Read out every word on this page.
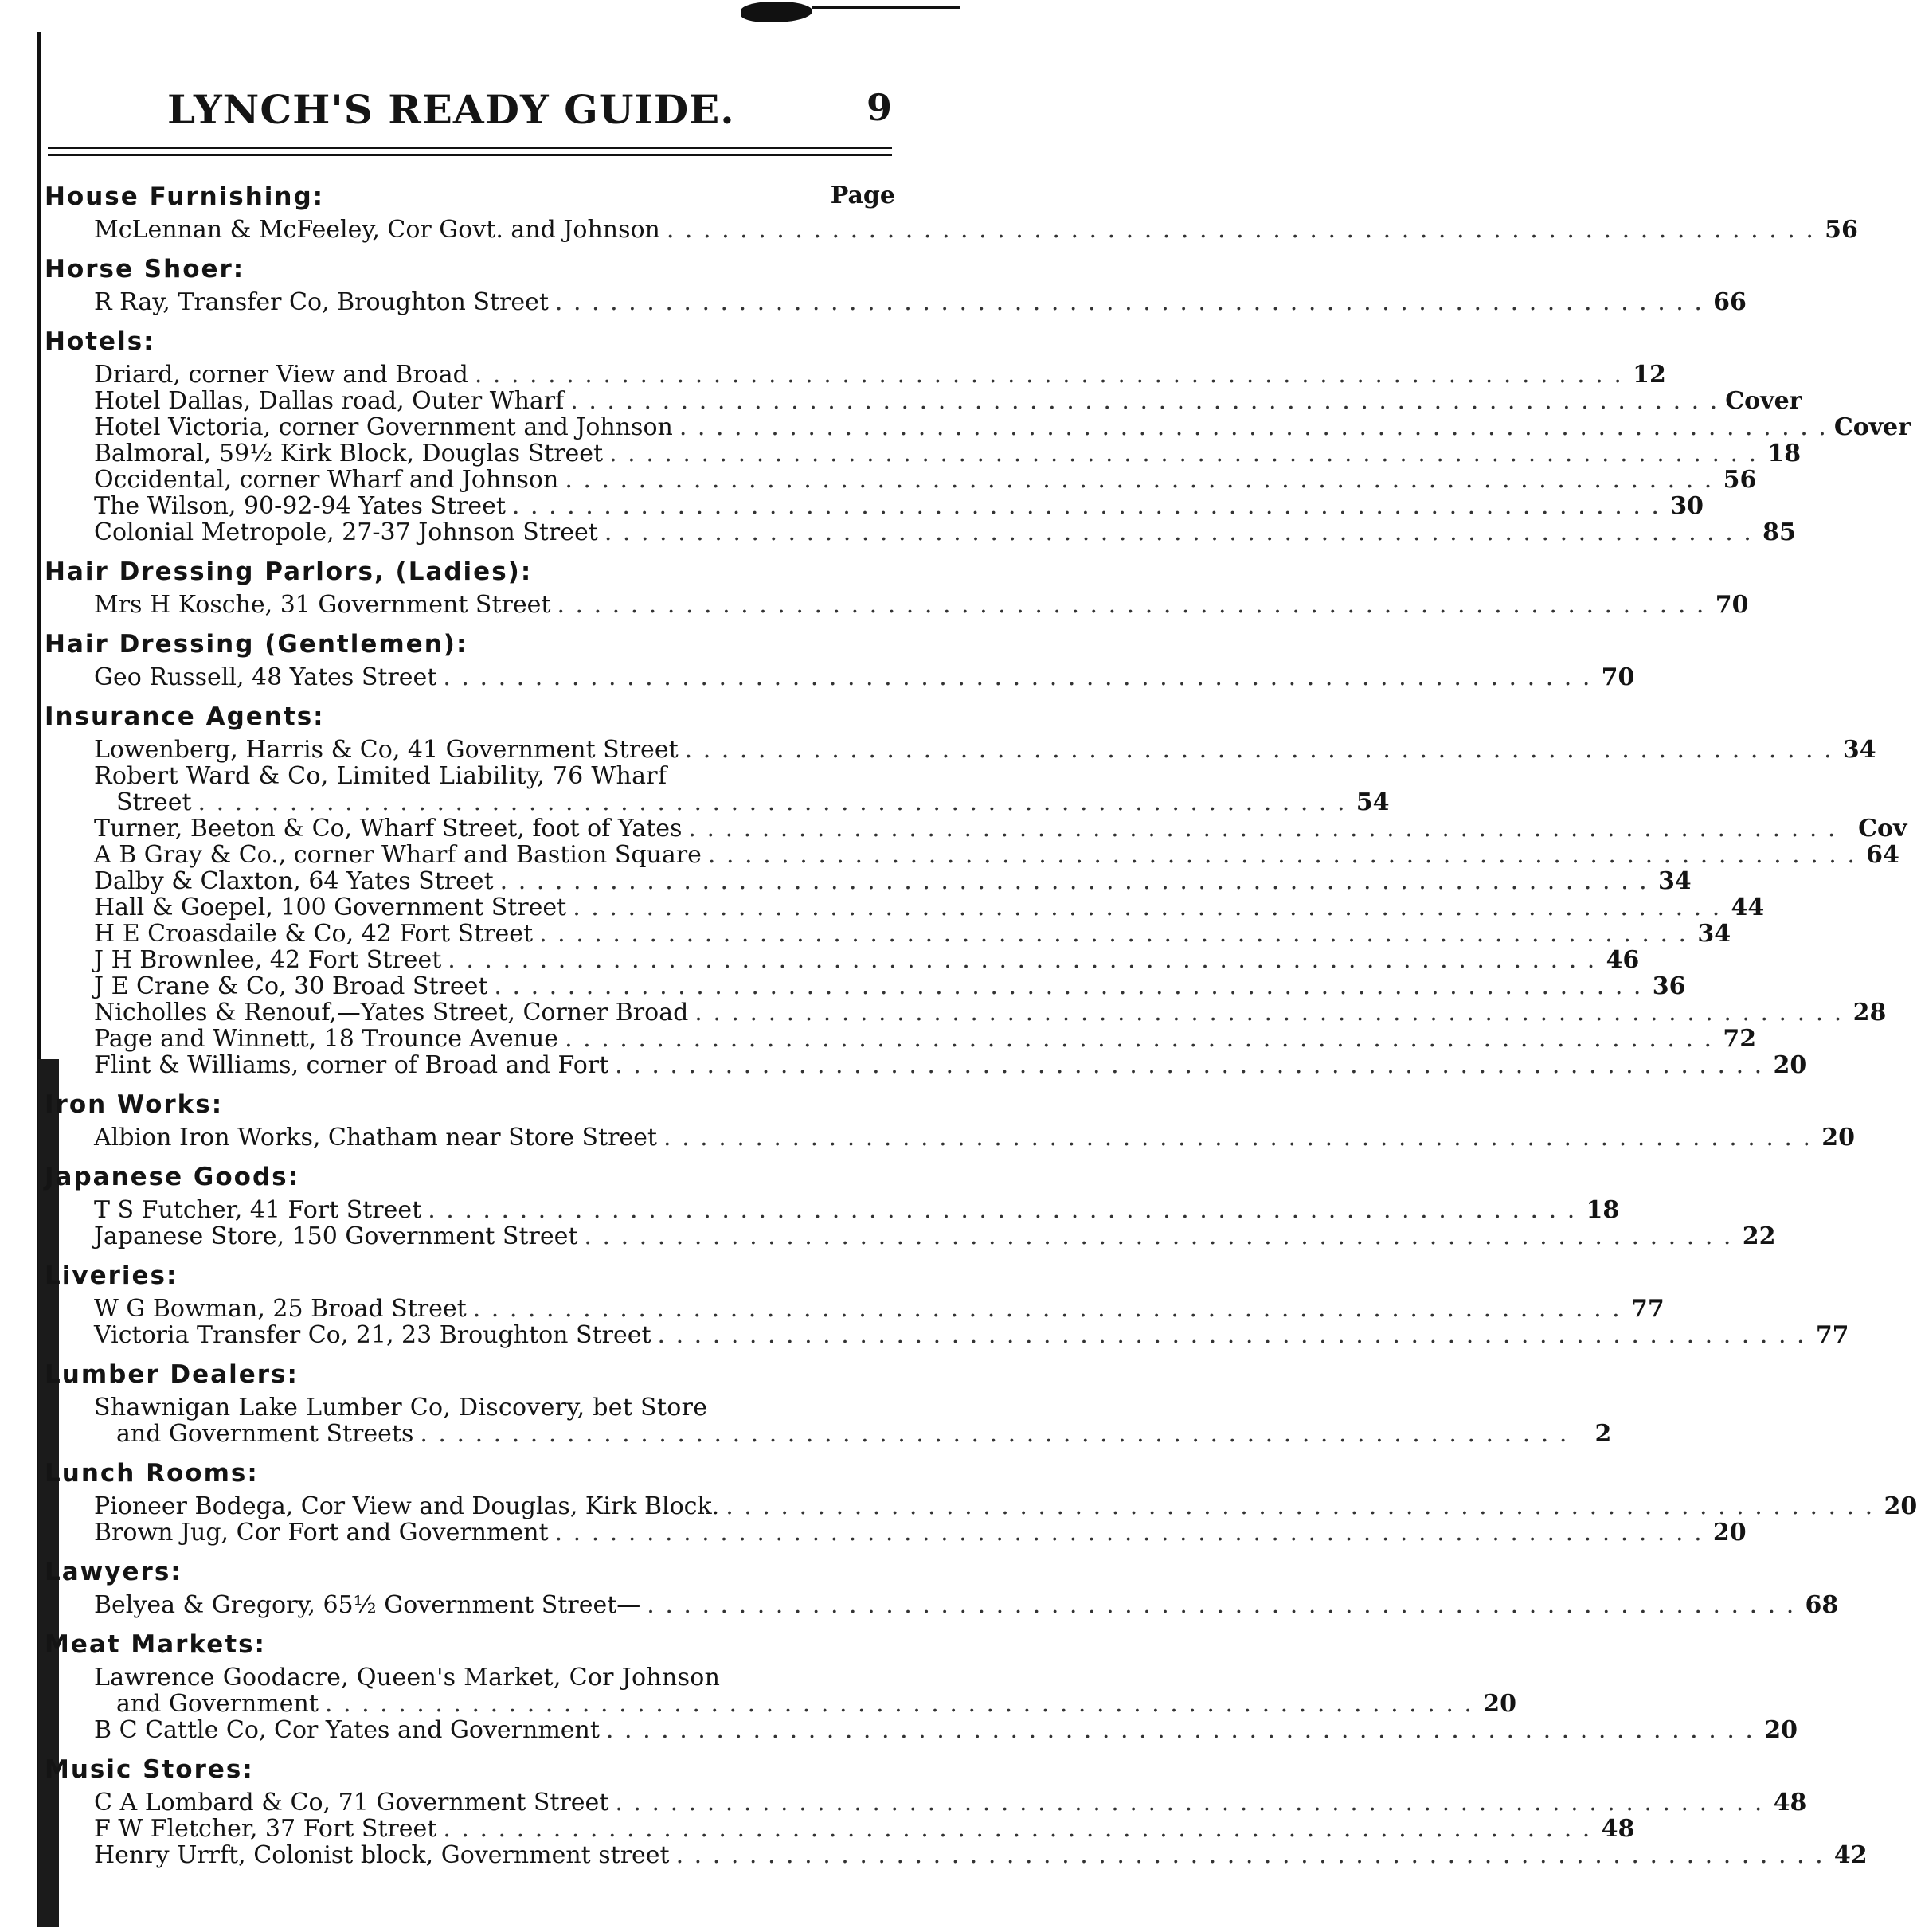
LYNCH'S READY GUIDE.	9
Page
House Furnishing:
McLennan & McFeeley, Cor Govt. and Johnson . . . . . . . . . . . . . . . . . . . . . . . . . . . . . . . . . . . . . . . . . . . . . . . . . . . . . . . . . . . . . . . 56
Horse Shoer:
R Ray, Transfer Co, Broughton Street . . . . . . . . . . . . . . . . . . . . . . . . . . . . . . . . . . . . . . . . . . . . . . . . . . . . . . . . . . . . . . . 66
Hotels:
Driard, corner View and Broad . . . . . . . . . . . . . . . . . . . . . . . . . . . . . . . . . . . . . . . . . . . . . . . . . . . . . . . . . . . . . . . 12
Hotel Dallas, Dallas road, Outer Wharf . . . . . . . . . . . . . . . . . . . . . . . . . . . . . . . . . . . . . . . . . . . . . . . . . . . . . . . . . . . . . . . Cover
Hotel Victoria, corner Government and Johnson . . . . . . . . . . . . . . . . . . . . . . . . . . . . . . . . . . . . . . . . . . . . . . . . . . . . . . . . . . . . . . . Cover
Balmoral, 59½ Kirk Block, Douglas Street . . . . . . . . . . . . . . . . . . . . . . . . . . . . . . . . . . . . . . . . . . . . . . . . . . . . . . . . . . . . . . . 18
Occidental, corner Wharf and Johnson . . . . . . . . . . . . . . . . . . . . . . . . . . . . . . . . . . . . . . . . . . . . . . . . . . . . . . . . . . . . . . . 56
The Wilson, 90-92-94 Yates Street . . . . . . . . . . . . . . . . . . . . . . . . . . . . . . . . . . . . . . . . . . . . . . . . . . . . . . . . . . . . . . . 30
Colonial Metropole, 27-37 Johnson Street . . . . . . . . . . . . . . . . . . . . . . . . . . . . . . . . . . . . . . . . . . . . . . . . . . . . . . . . . . . . . . . 85
Hair Dressing Parlors, (Ladies):
Mrs H Kosche, 31 Government Street . . . . . . . . . . . . . . . . . . . . . . . . . . . . . . . . . . . . . . . . . . . . . . . . . . . . . . . . . . . . . . . 70
Hair Dressing (Gentlemen):
Geo Russell, 48 Yates Street . . . . . . . . . . . . . . . . . . . . . . . . . . . . . . . . . . . . . . . . . . . . . . . . . . . . . . . . . . . . . . . 70
Insurance Agents:
Lowenberg, Harris & Co, 41 Government Street . . . . . . . . . . . . . . . . . . . . . . . . . . . . . . . . . . . . . . . . . . . . . . . . . . . . . . . . . . . . . . . 34
Robert Ward & Co, Limited Liability, 76 Wharf
Street . . . . . . . . . . . . . . . . . . . . . . . . . . . . . . . . . . . . . . . . . . . . . . . . . . . . . . . . . . . . . . . 54
Turner, Beeton & Co, Wharf Street, foot of Yates . . . . . . . . . . . . . . . . . . . . . . . . . . . . . . . . . . . . . . . . . . . . . . . . . . . . . . . . . . . . . . . Cov
A B Gray & Co., corner Wharf and Bastion Square . . . . . . . . . . . . . . . . . . . . . . . . . . . . . . . . . . . . . . . . . . . . . . . . . . . . . . . . . . . . . . . 64
Dalby & Claxton, 64 Yates Street . . . . . . . . . . . . . . . . . . . . . . . . . . . . . . . . . . . . . . . . . . . . . . . . . . . . . . . . . . . . . . . 34
Hall & Goepel, 100 Government Street . . . . . . . . . . . . . . . . . . . . . . . . . . . . . . . . . . . . . . . . . . . . . . . . . . . . . . . . . . . . . . . 44
H E Croasdaile & Co, 42 Fort Street . . . . . . . . . . . . . . . . . . . . . . . . . . . . . . . . . . . . . . . . . . . . . . . . . . . . . . . . . . . . . . . 34
J H Brownlee, 42 Fort Street . . . . . . . . . . . . . . . . . . . . . . . . . . . . . . . . . . . . . . . . . . . . . . . . . . . . . . . . . . . . . . . 46
J E Crane & Co, 30 Broad Street . . . . . . . . . . . . . . . . . . . . . . . . . . . . . . . . . . . . . . . . . . . . . . . . . . . . . . . . . . . . . . . 36
Nicholles & Renouf,—Yates Street, Corner Broad . . . . . . . . . . . . . . . . . . . . . . . . . . . . . . . . . . . . . . . . . . . . . . . . . . . . . . . . . . . . . . . 28
Page and Winnett, 18 Trounce Avenue . . . . . . . . . . . . . . . . . . . . . . . . . . . . . . . . . . . . . . . . . . . . . . . . . . . . . . . . . . . . . . . 72
Flint & Williams, corner of Broad and Fort . . . . . . . . . . . . . . . . . . . . . . . . . . . . . . . . . . . . . . . . . . . . . . . . . . . . . . . . . . . . . . . 20
Iron Works:
Albion Iron Works, Chatham near Store Street . . . . . . . . . . . . . . . . . . . . . . . . . . . . . . . . . . . . . . . . . . . . . . . . . . . . . . . . . . . . . . . 20
Japanese Goods:
T S Futcher, 41 Fort Street . . . . . . . . . . . . . . . . . . . . . . . . . . . . . . . . . . . . . . . . . . . . . . . . . . . . . . . . . . . . . . . 18
Japanese Store, 150 Government Street . . . . . . . . . . . . . . . . . . . . . . . . . . . . . . . . . . . . . . . . . . . . . . . . . . . . . . . . . . . . . . . 22
Liveries:
W G Bowman, 25 Broad Street . . . . . . . . . . . . . . . . . . . . . . . . . . . . . . . . . . . . . . . . . . . . . . . . . . . . . . . . . . . . . . . 77
Victoria Transfer Co, 21, 23 Broughton Street . . . . . . . . . . . . . . . . . . . . . . . . . . . . . . . . . . . . . . . . . . . . . . . . . . . . . . . . . . . . . . . 77
Lumber Dealers:
Shawnigan Lake Lumber Co, Discovery, bet Store
and Government Streets . . . . . . . . . . . . . . . . . . . . . . . . . . . . . . . . . . . . . . . . . . . . . . . . . . . . . . . . . . . . . . .	2
Lunch Rooms:
Pioneer Bodega, Cor View and Douglas, Kirk Block. . . . . . . . . . . . . . . . . . . . . . . . . . . . . . . . . . . . . . . . . . . . . . . . . . . . . . . . . . . . . . . . 20
Brown Jug, Cor Fort and Government . . . . . . . . . . . . . . . . . . . . . . . . . . . . . . . . . . . . . . . . . . . . . . . . . . . . . . . . . . . . . . . 20
Lawyers:
Belyea & Gregory, 65½ Government Street— . . . . . . . . . . . . . . . . . . . . . . . . . . . . . . . . . . . . . . . . . . . . . . . . . . . . . . . . . . . . . . . 68
Meat Markets:
Lawrence Goodacre, Queen's Market, Cor Johnson
and Government . . . . . . . . . . . . . . . . . . . . . . . . . . . . . . . . . . . . . . . . . . . . . . . . . . . . . . . . . . . . . . . 20
B C Cattle Co, Cor Yates and Government . . . . . . . . . . . . . . . . . . . . . . . . . . . . . . . . . . . . . . . . . . . . . . . . . . . . . . . . . . . . . . . 20
Music Stores:
C A Lombard & Co, 71 Government Street . . . . . . . . . . . . . . . . . . . . . . . . . . . . . . . . . . . . . . . . . . . . . . . . . . . . . . . . . . . . . . . 48
F W Fletcher, 37 Fort Street . . . . . . . . . . . . . . . . . . . . . . . . . . . . . . . . . . . . . . . . . . . . . . . . . . . . . . . . . . . . . . . 48
Henry Urrft, Colonist block, Government street . . . . . . . . . . . . . . . . . . . . . . . . . . . . . . . . . . . . . . . . . . . . . . . . . . . . . . . . . . . . . . . 42
